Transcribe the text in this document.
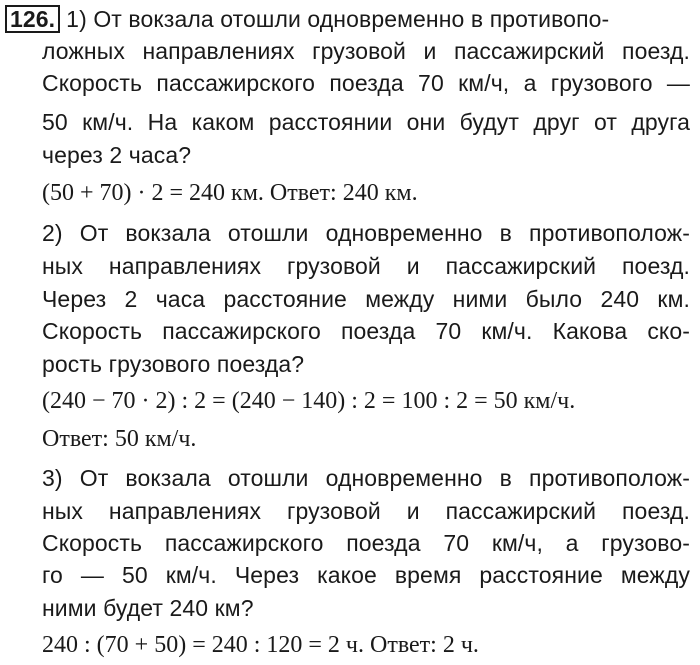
126. 1) От вокзала отошли одновременно в противопо-
ложных направлениях грузовой и пассажирский поезд.
Скорость пассажирского поезда 70 км/ч, а грузового —
50 км/ч. На каком расстоянии они будут друг от друга
через 2 часа?
(50 + 70) · 2 = 240 км. Ответ: 240 км.
2) От вокзала отошли одновременно в противополож-
ных направлениях грузовой и пассажирский поезд.
Через 2 часа расстояние между ними было 240 км.
Скорость пассажирского поезда 70 км/ч. Какова ско-
рость грузового поезда?
(240 − 70 · 2) : 2 = (240 − 140) : 2 = 100 : 2 = 50 км/ч.
Ответ: 50 км/ч.
3) От вокзала отошли одновременно в противополож-
ных направлениях грузовой и пассажирский поезд.
Скорость пассажирского поезда 70 км/ч, а грузово-
го — 50 км/ч. Через какое время расстояние между
ними будет 240 км?
240 : (70 + 50) = 240 : 120 = 2 ч. Ответ: 2 ч.
